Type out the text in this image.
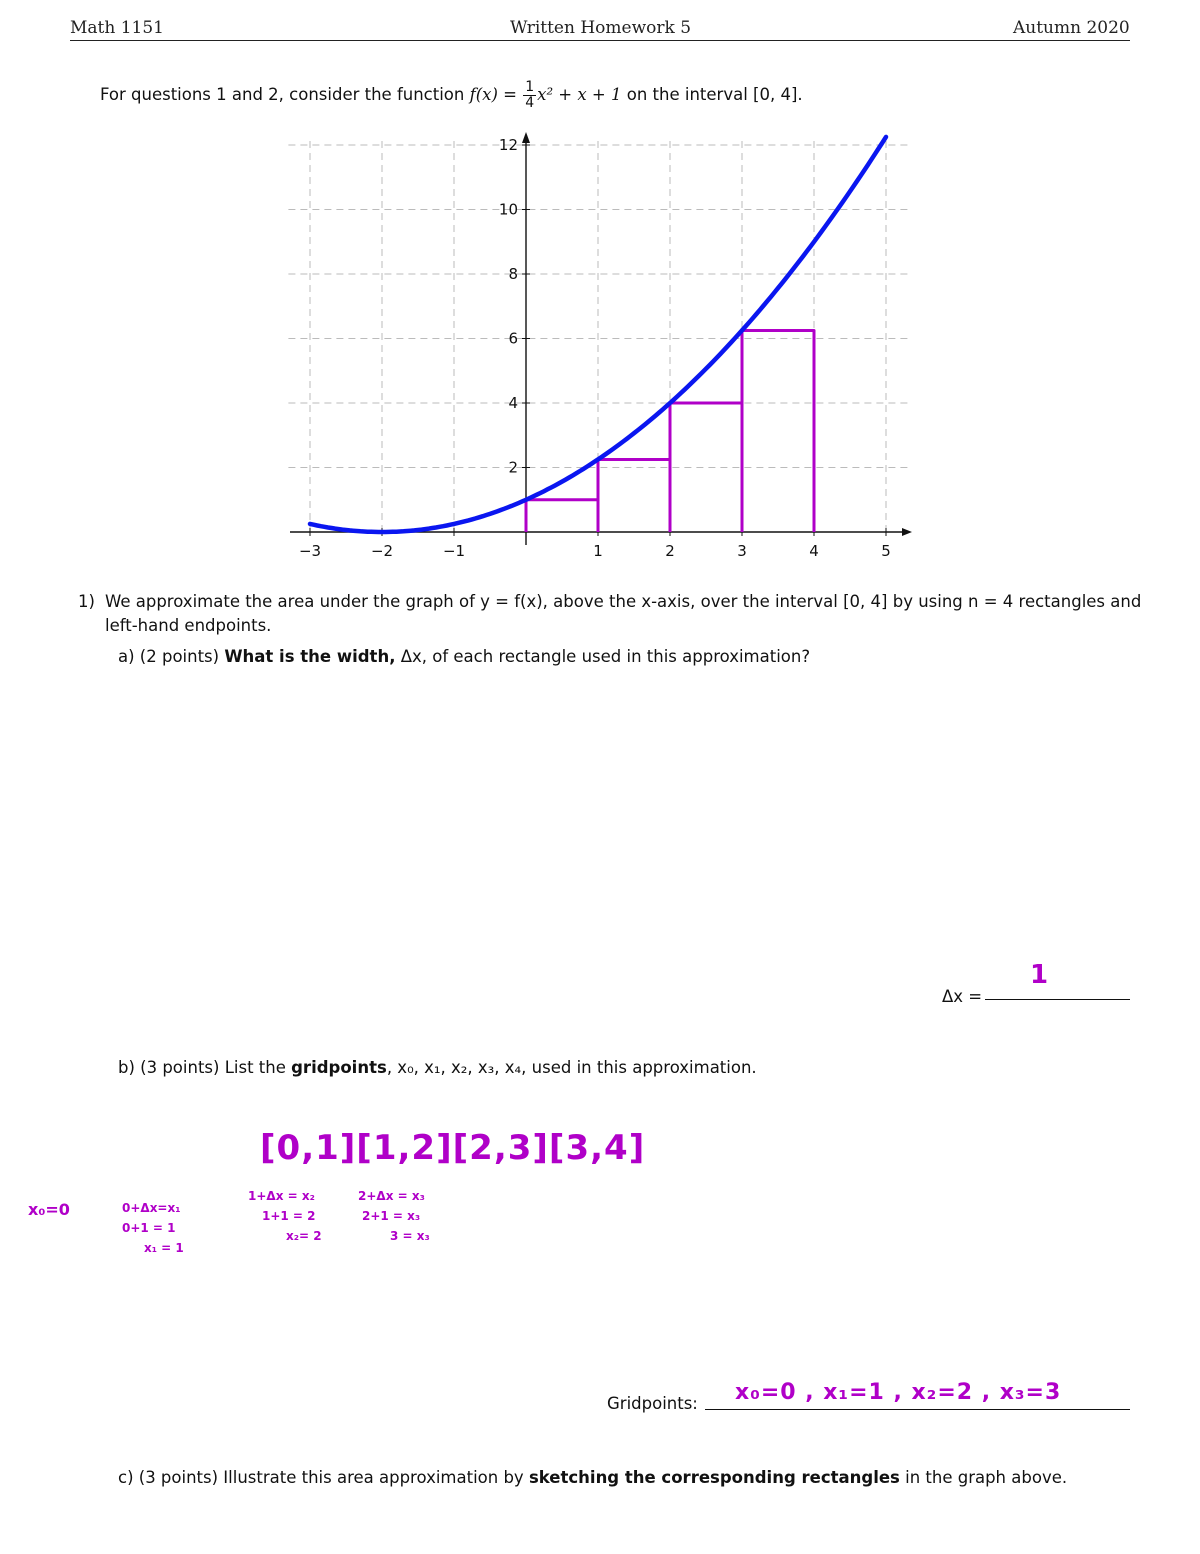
Math 1151	Written Homework 5	Autumn 2020
For questions 1 and 2, consider the function $f(x) = \frac{1}{4} x^2 + x + 1$ on the interval [0, 4].
−3	−2	−1	1	2	3	4	5
2
4
6
8
10
12
1) We approximate the area under the graph of y = f(x), above the x-axis, over the interval [0, 4] by using n = 4 rectangles and
left-hand endpoints.
a) (2 points) What is the width, Δx, of each rectangle used in this approximation?
Δx =
1
b) (3 points) List the gridpoints, x₀, x₁, x₂, x₃, x₄, used in this approximation.
[0,1][1,2][2,3][3,4]
x₀=0	0+Δx=x₁
0+1 = 1
x₁ = 1
1+Δx = x₂
1+1 = 2
x₂= 2
2+Δx = x₃
2+1 = x₃
3 = x₃
Gridpoints: x₀=0 , x₁=1 , x₂=2 , x₃=3
c) (3 points) Illustrate this area approximation by sketching the corresponding rectangles in the graph above.
